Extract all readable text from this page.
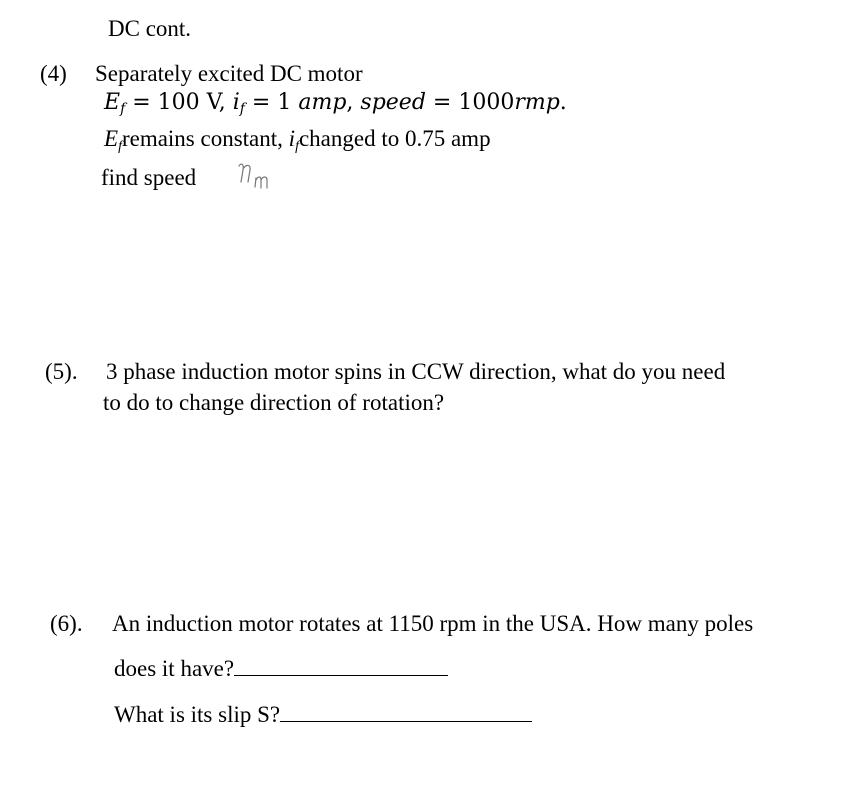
DC cont.
(4) Separately excited DC motor
$E_f = 100$ V, $i_f = 1$ amp, speed = 1000rmp.
$E_fremains$ constant, $i_fchanged$ to 0.75 amp
find speed
(5). 3 phase induction motor spins in CCW direction, what do you need
to do to change direction of rotation?
(6). An induction motor rotates at 1150 rpm in the USA. How many poles
does it have?
What is its slip S?
